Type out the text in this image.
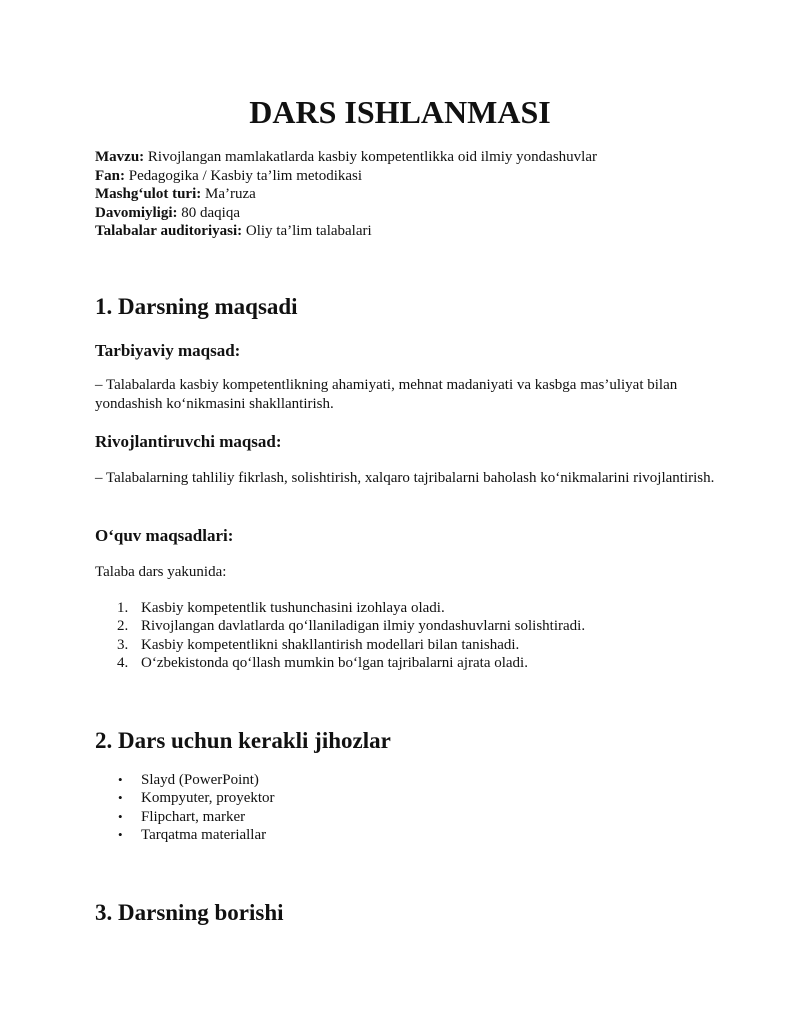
DARS ISHLANMASI
Mavzu: Rivojlangan mamlakatlarda kasbiy kompetentlikka oid ilmiy yondashuvlar
Fan: Pedagogika / Kasbiy ta’lim metodikasi
Mashg‘ulot turi: Ma’ruza
Davomiyligi: 80 daqiqa
Talabalar auditoriyasi: Oliy ta’lim talabalari
1. Darsning maqsadi
Tarbiyaviy maqsad:

– Talabalarda kasbiy kompetentlikning ahamiyati, mehnat madaniyati va kasbga mas’uliyat bilan yondashish ko‘nikmasini shakllantirish.

Rivojlantiruvchi maqsad:

– Talabalarning tahliliy fikrlash, solishtirish, xalqaro tajribalarni baholash ko‘nikmalarini rivojlantirish.

O‘quv maqsadlari:

Talaba dars yakunida:

1. Kasbiy kompetentlik tushunchasini izohlaya oladi.
2. Rivojlangan davlatlarda qo‘llaniladigan ilmiy yondashuvlarni solishtiradi.
3. Kasbiy kompetentlikni shakllantirish modellari bilan tanishadi.
4. O‘zbekistonda qo‘llash mumkin bo‘lgan tajribalarni ajrata oladi.
2. Dars uchun kerakli jihozlar
• Slayd (PowerPoint)
• Kompyuter, proyektor
• Flipchart, marker
• Tarqatma materiallar
3. Darsning borishi
